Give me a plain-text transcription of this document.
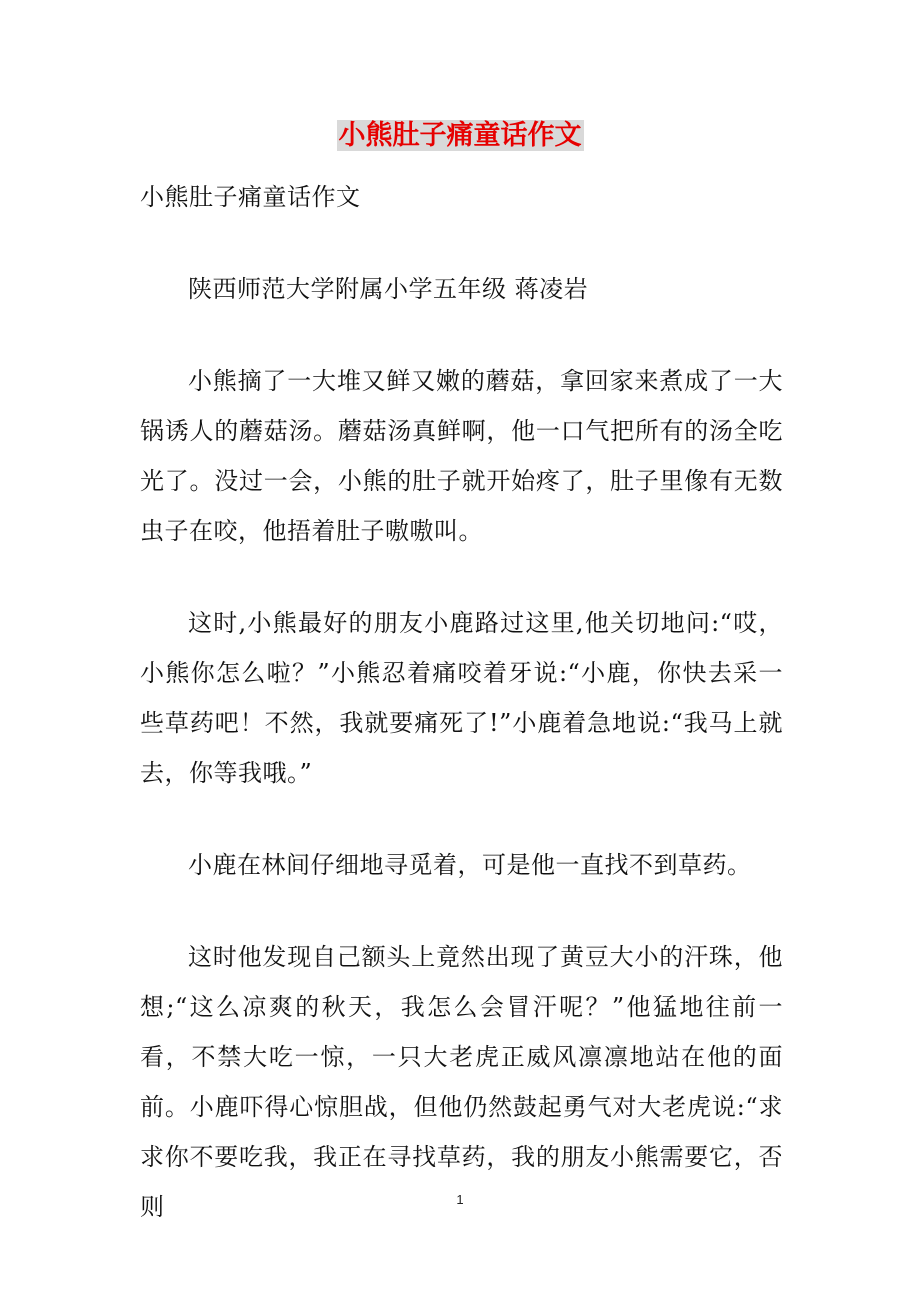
小熊肚子痛童话作文

小熊肚子痛童话作文

陕西师范大学附属小学五年级 蒋凌岩

小熊摘了一大堆又鲜又嫩的蘑菇，拿回家来煮成了一大锅诱人的蘑菇汤。蘑菇汤真鲜啊，他一口气把所有的汤全吃光了。没过一会，小熊的肚子就开始疼了，肚子里像有无数虫子在咬，他捂着肚子嗷嗷叫。

这时,小熊最好的朋友小鹿路过这里,他关切地问:“哎，小熊你怎么啦？”小熊忍着痛咬着牙说:“小鹿，你快去采一些草药吧！不然，我就要痛死了!”小鹿着急地说:“我马上就去，你等我哦。”

小鹿在林间仔细地寻觅着，可是他一直找不到草药。

这时他发现自己额头上竟然出现了黄豆大小的汗珠，他想;“这么凉爽的秋天，我怎么会冒汗呢？”他猛地往前一看，不禁大吃一惊，一只大老虎正威风凛凛地站在他的面前。小鹿吓得心惊胆战，但他仍然鼓起勇气对大老虎说:“求求你不要吃我，我正在寻找草药，我的朋友小熊需要它，否则	1
